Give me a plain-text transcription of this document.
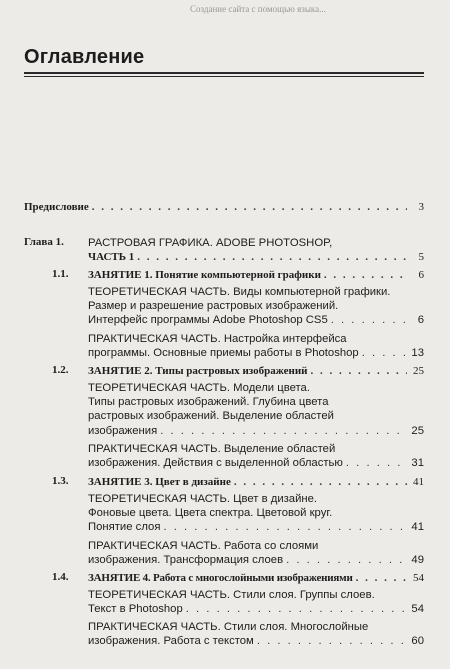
Создание сайта с помощью языка...
Оглавление
Предисловие . . .	3
Глава 1. РАСТРОВАЯ ГРАФИКА. ADOBE PHOTOSHOP,
ЧАСТЬ 1 . . .	5
1.1. ЗАНЯТИЕ 1. Понятие компьютерной графики . . .	6
ТЕОРЕТИЧЕСКАЯ ЧАСТЬ. Виды компьютерной графики.
Размер и разрешение растровых изображений.
Интерфейс программы Adobe Photoshop CS5 . . .	6
ПРАКТИЧЕСКАЯ ЧАСТЬ. Настройка интерфейса
программы. Основные приемы работы в Photoshop . . .	13
1.2. ЗАНЯТИЕ 2. Типы растровых изображений . . .	25
ТЕОРЕТИЧЕСКАЯ ЧАСТЬ. Модели цвета.
Типы растровых изображений. Глубина цвета
растровых изображений. Выделение областей
изображения . . .	25
ПРАКТИЧЕСКАЯ ЧАСТЬ. Выделение областей
изображения. Действия с выделенной областью . . .	31
1.3. ЗАНЯТИЕ 3. Цвет в дизайне . . .	41
ТЕОРЕТИЧЕСКАЯ ЧАСТЬ. Цвет в дизайне.
Фоновые цвета. Цвета спектра. Цветовой круг.
Понятие слоя . . .	41
ПРАКТИЧЕСКАЯ ЧАСТЬ. Работа со слоями
изображения. Трансформация слоев . . .	49
1.4. ЗАНЯТИЕ 4. Работа с многослойными изображениями . . .	54
ТЕОРЕТИЧЕСКАЯ ЧАСТЬ. Стили слоя. Группы слоев.
Текст в Photoshop . . .	54
ПРАКТИЧЕСКАЯ ЧАСТЬ. Стили слоя. Многослойные
изображения. Работа с текстом . . .	60
